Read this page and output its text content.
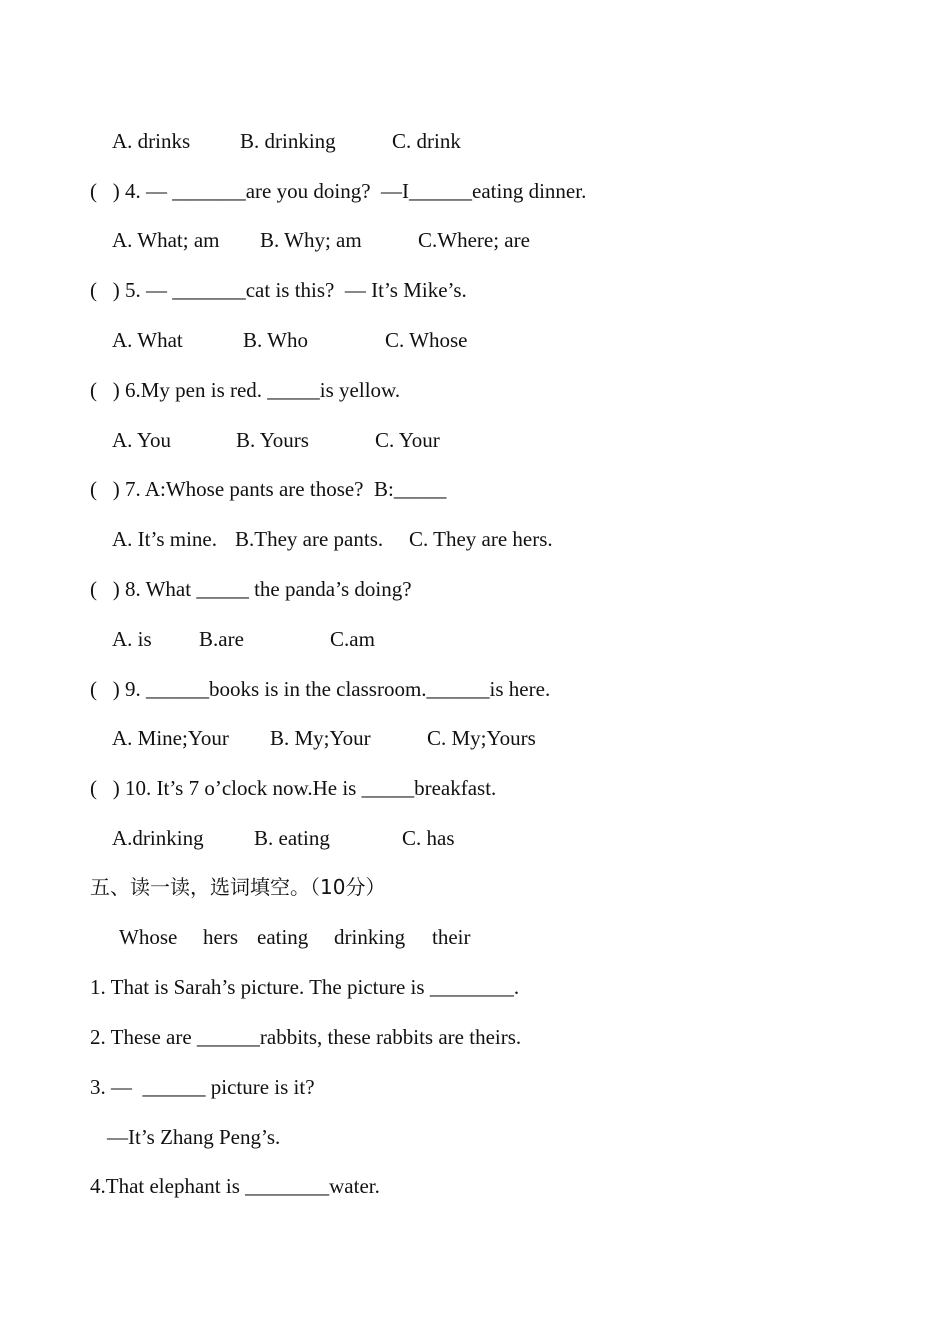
A. drinks B. drinking	C. drink
(   ) 4. — _______are you doing?  —I______eating dinner.
A. What; am B. Why; am	C.Where; are
(   ) 5. — _______cat is this?  — It’s Mike’s.
A. What	B. Who	C. Whose
(   ) 6.My pen is red. _____is yellow.
A. You	B. Yours	C. Your
(   ) 7. A:Whose pants are those?  B:_____
A. It’s mine. B.They are pants. C. They are hers.
(   ) 8. What _____ the panda’s doing?
A. is B.are	C.am
(   ) 9. ______books is in the classroom.______is here.
A. Mine;Your B. My;Your	C. My;Yours
(   ) 10. It’s 7 o’clock now.He is _____breakfast.
A.drinking B. eating	C. has
五、读一读，选词填空。（10分）
Whose hers eating drinking their
1. That is Sarah’s picture. The picture is ________.
2. These are ______rabbits, these rabbits are theirs.
3. —  ______ picture is it?
—It’s Zhang Peng’s.
4.That elephant is ________water.
